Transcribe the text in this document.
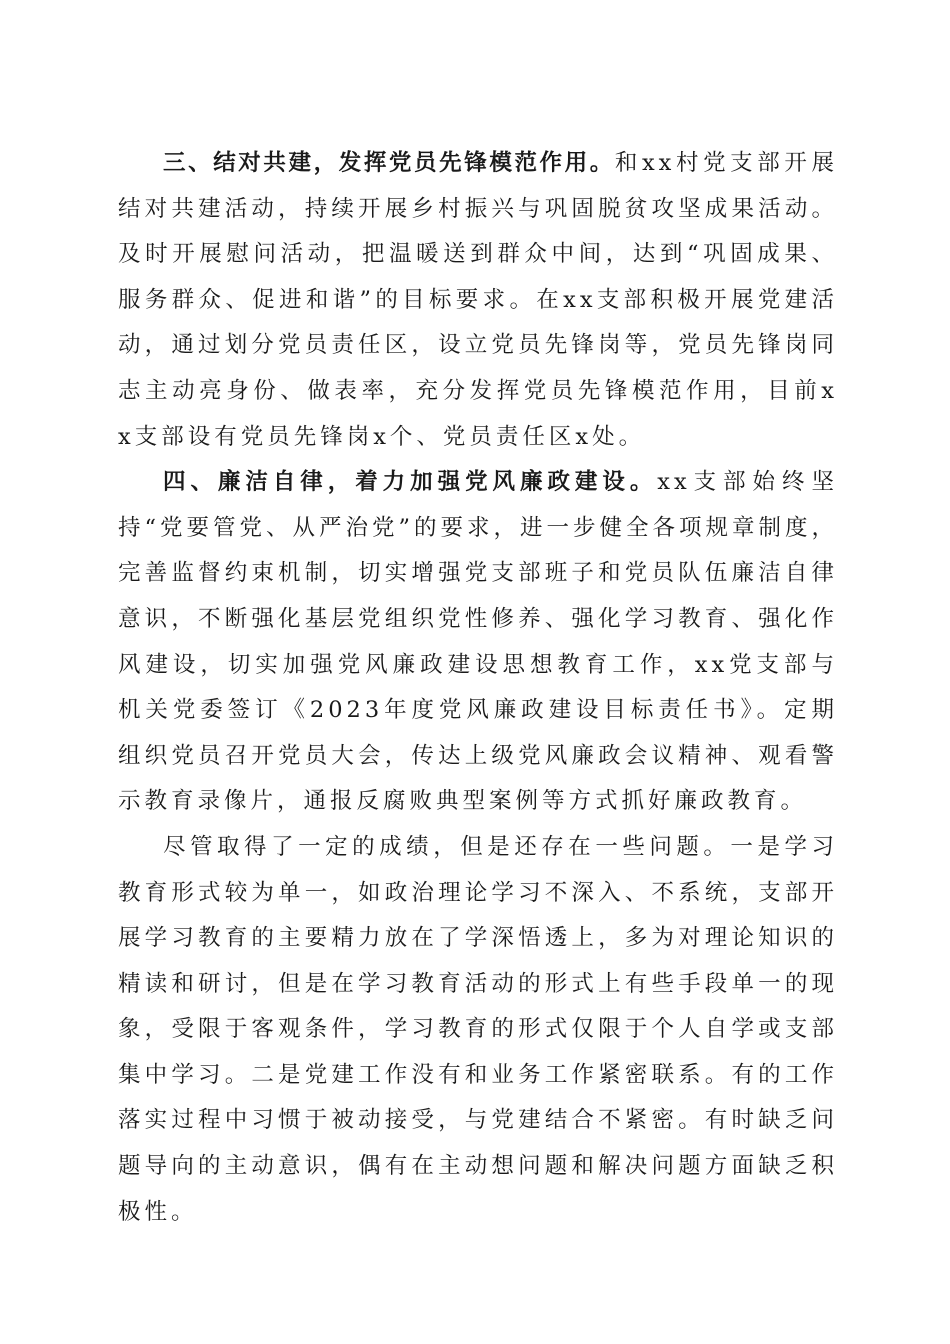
三、结对共建，发挥党员先锋模范作用。和xx村党支部开展结对共建活动，持续开展乡村振兴与巩固脱贫攻坚成果活动。及时开展慰问活动，把温暖送到群众中间，达到“巩固成果、服务群众、促进和谐”的目标要求。在xx支部积极开展党建活动，通过划分党员责任区，设立党员先锋岗等，党员先锋岗同志主动亮身份、做表率，充分发挥党员先锋模范作用，目前xx支部设有党员先锋岗x个、党员责任区x处。

四、廉洁自律，着力加强党风廉政建设。xx支部始终坚持“党要管党、从严治党”的要求，进一步健全各项规章制度，完善监督约束机制，切实增强党支部班子和党员队伍廉洁自律意识，不断强化基层党组织党性修养、强化学习教育、强化作风建设，切实加强党风廉政建设思想教育工作，xx党支部与机关党委签订《2023年度党风廉政建设目标责任书》。定期组织党员召开党员大会，传达上级党风廉政会议精神、观看警示教育录像片，通报反腐败典型案例等方式抓好廉政教育。

尽管取得了一定的成绩，但是还存在一些问题。一是学习教育形式较为单一，如政治理论学习不深入、不系统，支部开展学习教育的主要精力放在了学深悟透上，多为对理论知识的精读和研讨，但是在学习教育活动的形式上有些手段单一的现象，受限于客观条件，学习教育的形式仅限于个人自学或支部集中学习。二是党建工作没有和业务工作紧密联系。有的工作落实过程中习惯于被动接受，与党建结合不紧密。有时缺乏问题导向的主动意识，偶有在主动想问题和解决问题方面缺乏积极性。
